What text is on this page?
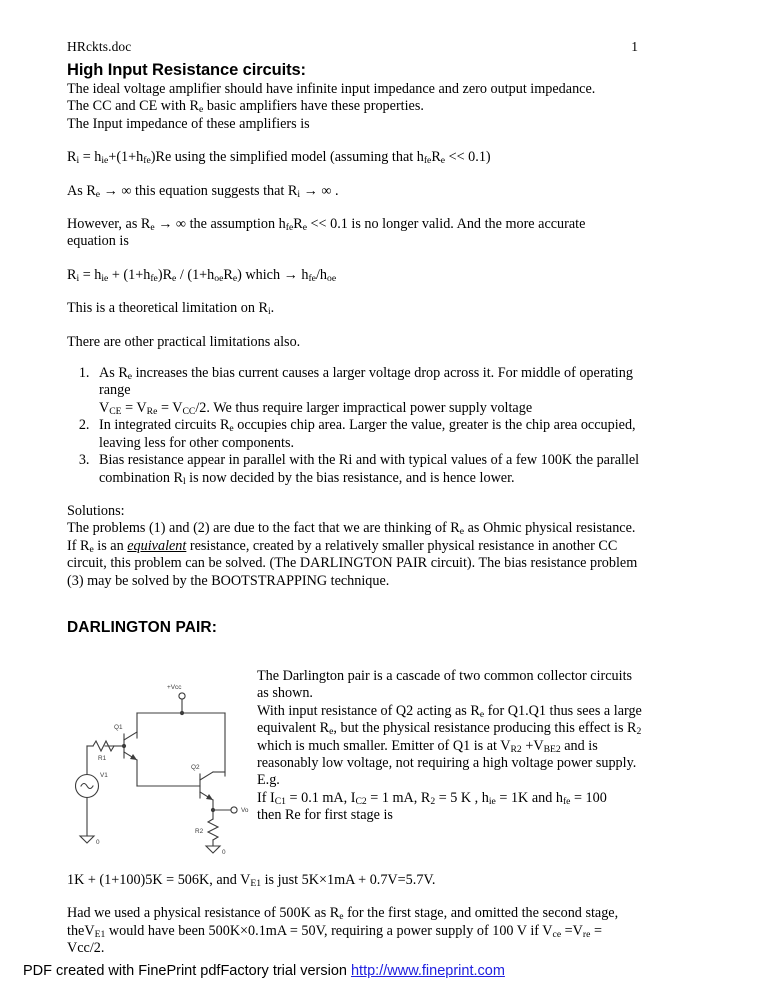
HRckts.doc	1
High Input Resistance circuits:

The ideal voltage amplifier should have infinite input impedance and zero output impedance.

The CC and CE with $R_e$ basic amplifiers have these properties.

The Input impedance of these amplifiers is

$R_i = h_{ie}+(1+h_{fe})Re$ using the simplified model (assuming that $h_{fe}R_e << 0.1$)

As $R_e$ → ∞ this equation suggests that $R_i$ → ∞ .

However, as $R_e$ → ∞ the assumption $h_{fe}R_e << 0.1$ is no longer valid. And the more accurate

equation is

$R_i = h_{ie} + (1+h_{fe})R_e / (1+h_{oe}R_e)$ which → $h_{fe}/h_{oe}$

This is a theoretical limitation on $R_i$.

There are other practical limitations also.

1. As $R_e$ increases the bias current causes a larger voltage drop across it. For middle of operating range
$V_{CE} = V_{Re} = V_{CC}/2$. We thus require larger impractical power supply voltage
2. In integrated circuits $R_e$ occupies chip area. Larger the value, greater is the chip area occupied, leaving less for other components.
3. Bias resistance appear in parallel with the Ri and with typical values of a few 100K the parallel combination $R_l$ is now decided by the bias resistance, and is hence lower.

Solutions:

The problems (1) and (2) are due to the fact that we are thinking of $R_e$ as Ohmic physical resistance.

If $R_e$ is an equivalent resistance, created by a relatively smaller physical resistance in another CC circuit, this problem can be solved. (The DARLINGTON PAIR circuit). The bias resistance problem (3) may be solved by the BOOTSTRAPPING technique.

DARLINGTON PAIR:
+Vcc
Q1
Q2
R1
R2
V1
Vo
0
0

The Darlington pair is a cascade of two common collector circuits as shown.

With input resistance of Q2 acting as $R_e$ for Q1.Q1 thus sees a large equivalent $R_e$, but the physical resistance producing this effect is $R_2$ which is much smaller. Emitter of Q1 is at $V_{R2} +V_{BE2}$ and is reasonably low voltage, not requiring a high voltage power supply.

E.g.

If $I_{C1} = 0.1$ mA, $I_{C2} = 1$ mA, $R_2 = 5$ K , $h_{ie} = 1K$ and $h_{fe} = 100$

then Re for first stage is

1K + (1+100)5K = 506K, and $V_{E1}$ is just 5K×1mA + 0.7V=5.7V.

Had we used a physical resistance of 500K as $R_e$ for the first stage, and omitted the second stage, theV$_{E1}$ would have been 500K×0.1mA = 50V, requiring a power supply of 100 V if $V_{ce} =V_{re} = Vcc/2$.

PDF created with FinePrint pdfFactory trial version http://www.fineprint.com
